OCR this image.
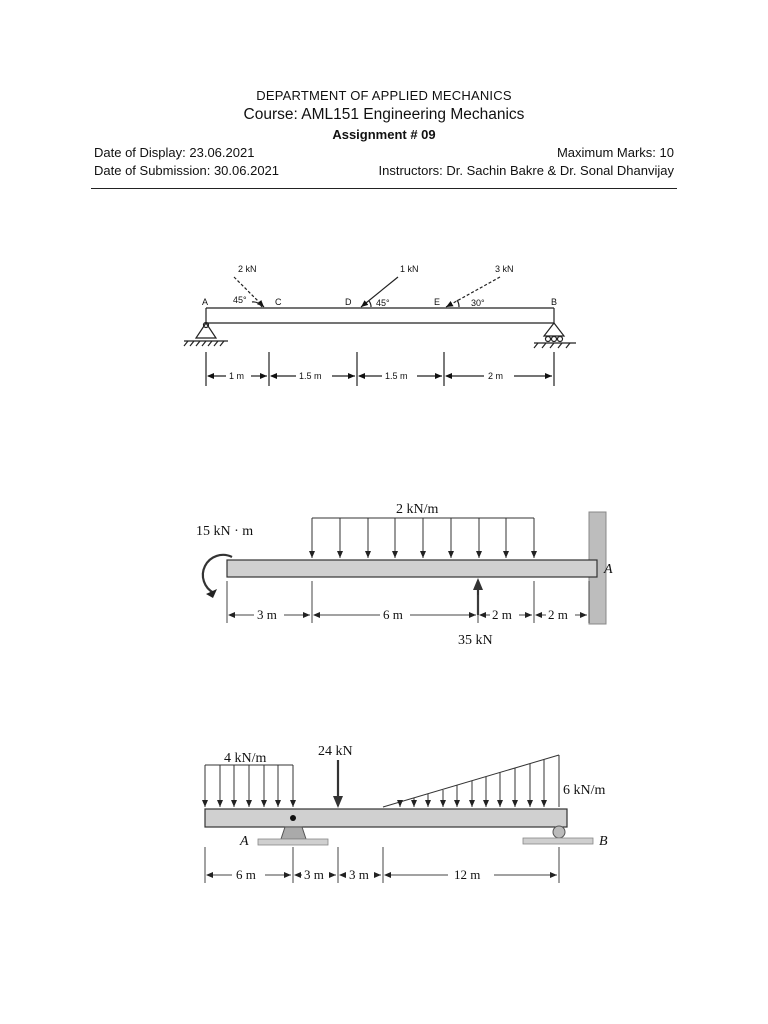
DEPARTMENT OF APPLIED MECHANICS
Course: AML151 Engineering Mechanics
Assignment # 09
Date of Display: 23.06.2021	Maximum Marks: 10
Date of Submission: 30.06.2021	Instructors: Dr. Sachin Bakre & Dr. Sonal Dhanvijay
2 kN	1 kN	3 kN
45°	45°	30°
A	C	D	E	B
1 m	1.5 m	1.5 m	2 m
2 kN/m
15 kN · m
A
3 m	6 m	2 m	2 m
35 kN
4 kN/m	24 kN
6 kN/m
A	B
6 m	3 m 3 m	12 m
